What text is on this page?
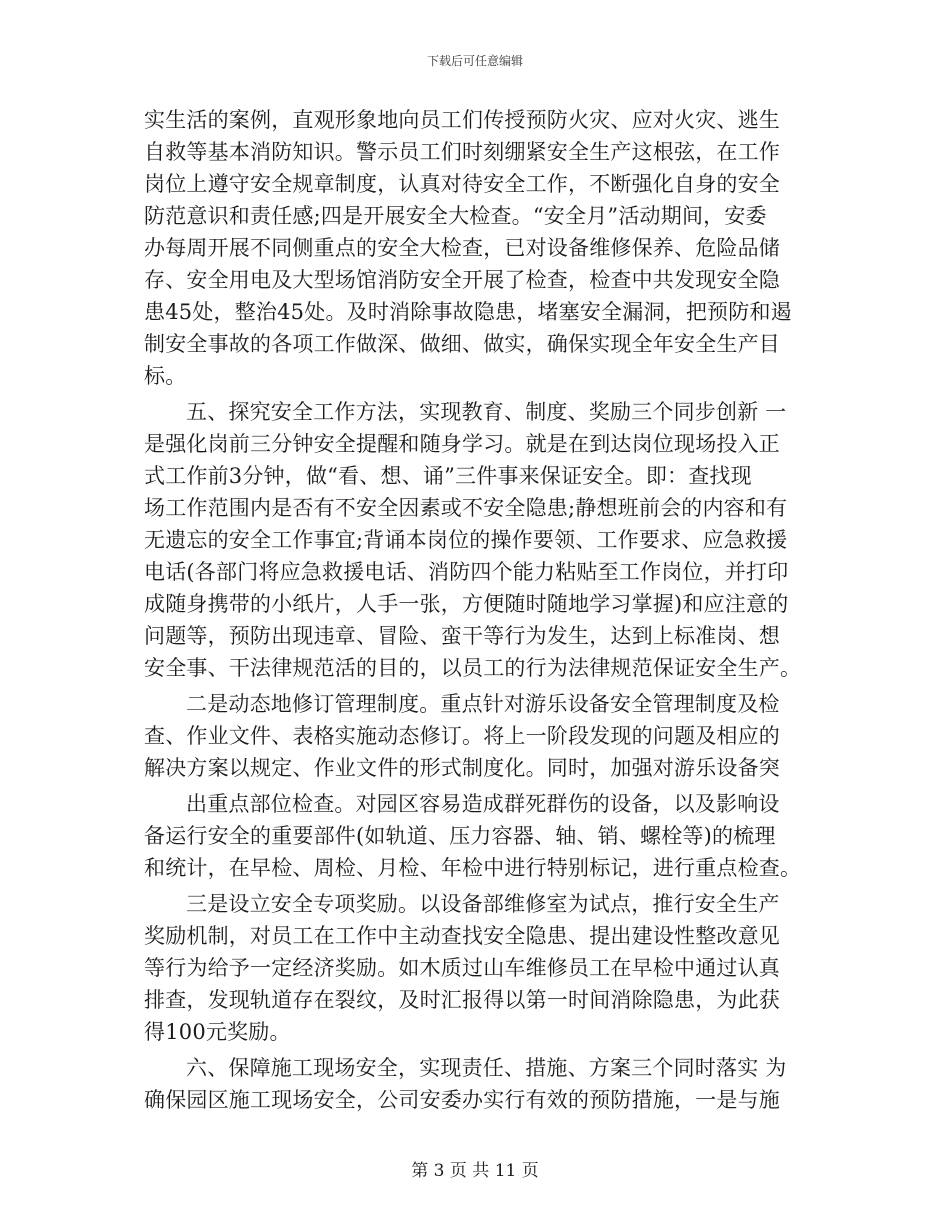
下载后可任意编辑
实生活的案例，直观形象地向员工们传授预防火灾、应对火灾、逃生
自救等基本消防知识。警示员工们时刻绷紧安全生产这根弦，在工作
岗位上遵守安全规章制度，认真对待安全工作，不断强化自身的安全
防范意识和责任感;四是开展安全大检查。“安全月”活动期间，安委
办每周开展不同侧重点的安全大检查，已对设备维修保养、危险品储
存、安全用电及大型场馆消防安全开展了检查，检查中共发现安全隐
患45处，整治45处。及时消除事故隐患，堵塞安全漏洞，把预防和遏
制安全事故的各项工作做深、做细、做实，确保实现全年安全生产目
标。
五、探究安全工作方法，实现教育、制度、奖励三个同步创新 一
是强化岗前三分钟安全提醒和随身学习。就是在到达岗位现场投入正
式工作前3分钟，做“看、想、诵”三件事来保证安全。即：查找现
场工作范围内是否有不安全因素或不安全隐患;静想班前会的内容和有
无遗忘的安全工作事宜;背诵本岗位的操作要领、工作要求、应急救援
电话(各部门将应急救援电话、消防四个能力粘贴至工作岗位，并打印
成随身携带的小纸片，人手一张，方便随时随地学习掌握)和应注意的
问题等，预防出现违章、冒险、蛮干等行为发生，达到上标准岗、想
安全事、干法律规范活的目的，以员工的行为法律规范保证安全生产。
二是动态地修订管理制度。重点针对游乐设备安全管理制度及检
查、作业文件、表格实施动态修订。将上一阶段发现的问题及相应的
解决方案以规定、作业文件的形式制度化。同时，加强对游乐设备突
出重点部位检查。对园区容易造成群死群伤的设备，以及影响设
备运行安全的重要部件(如轨道、压力容器、轴、销、螺栓等)的梳理
和统计，在早检、周检、月检、年检中进行特别标记，进行重点检查。
三是设立安全专项奖励。以设备部维修室为试点，推行安全生产
奖励机制，对员工在工作中主动查找安全隐患、提出建设性整改意见
等行为给予一定经济奖励。如木质过山车维修员工在早检中通过认真
排查，发现轨道存在裂纹，及时汇报得以第一时间消除隐患，为此获
得100元奖励。
六、保障施工现场安全，实现责任、措施、方案三个同时落实 为
确保园区施工现场安全，公司安委办实行有效的预防措施，一是与施
第 3 页 共 11 页
